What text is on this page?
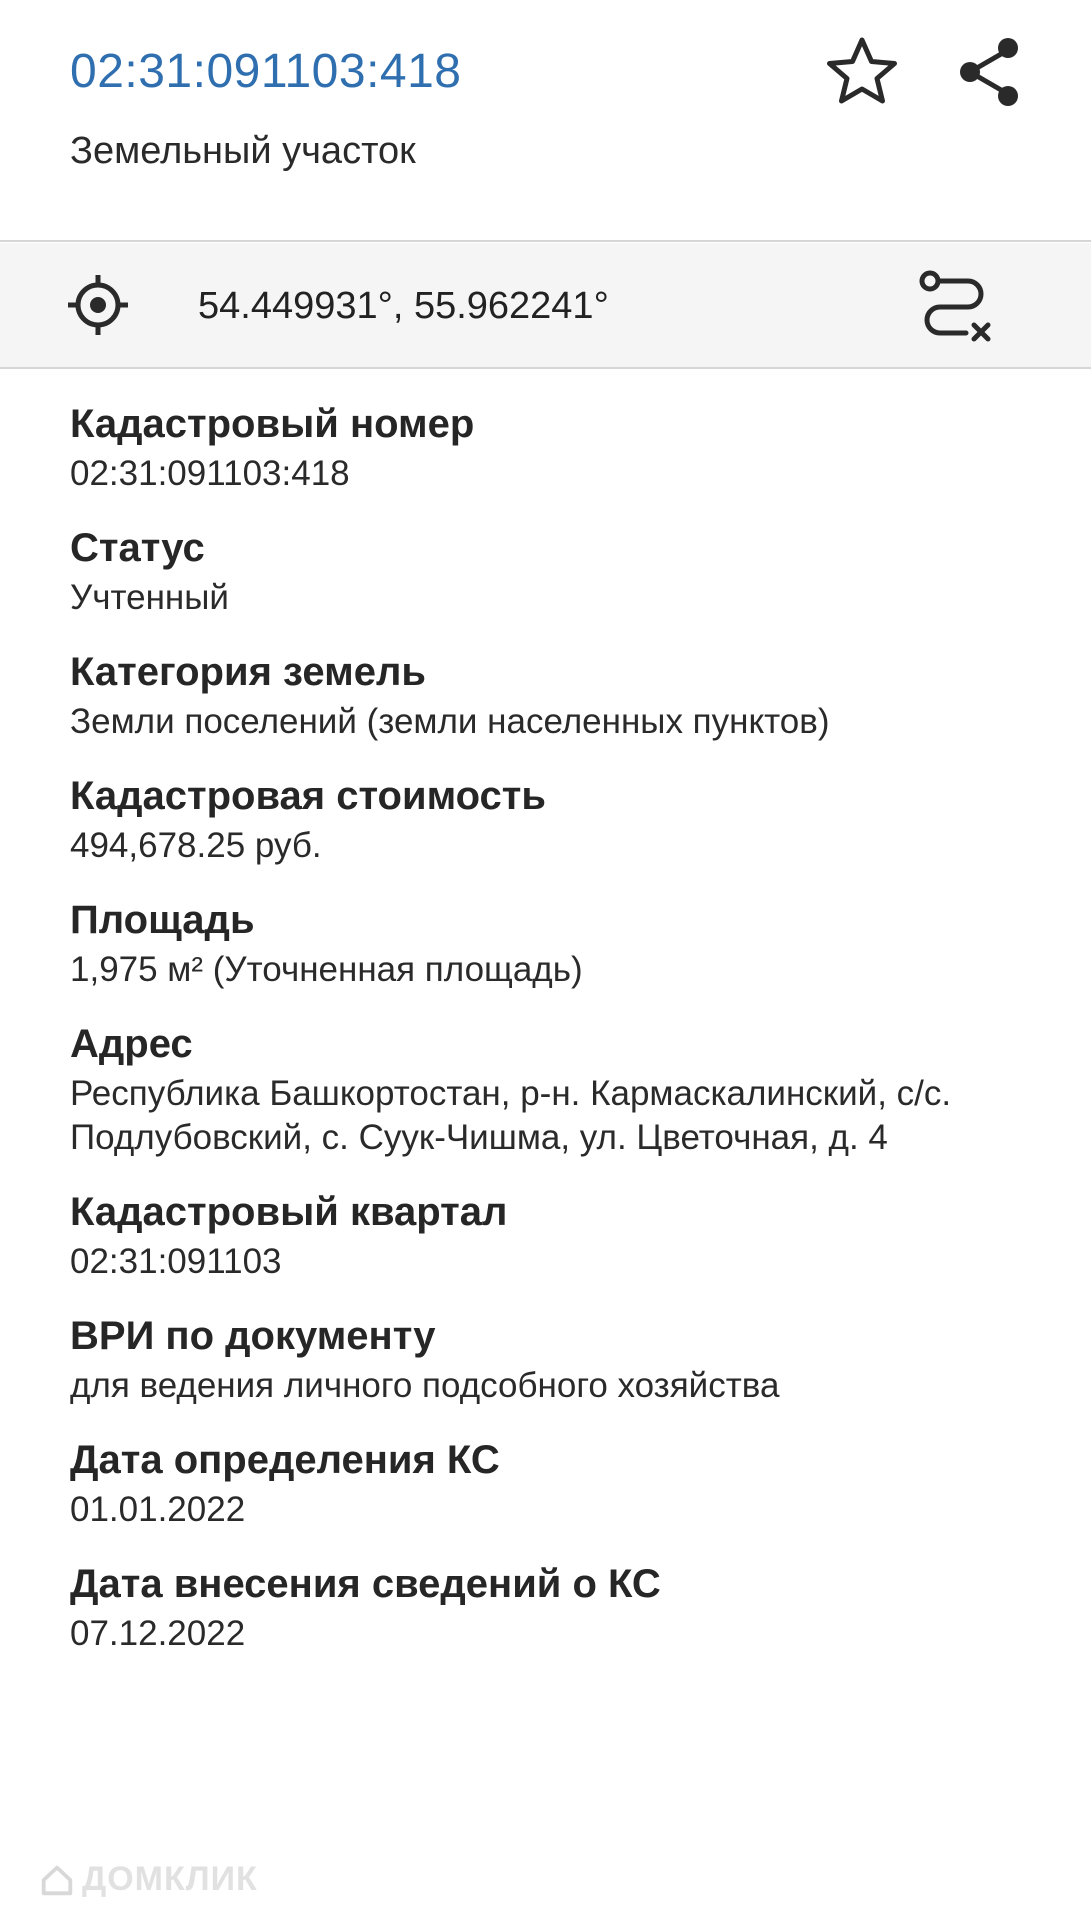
02:31:091103:418
Земельный участок
54.449931°, 55.962241°
Кадастровый номер
02:31:091103:418
Статус
Учтенный
Категория земель
Земли поселений (земли населенных пунктов)
Кадастровая стоимость
494,678.25 руб.
Площадь
1,975 м² (Уточненная площадь)
Адрес
Республика Башкортостан, р-н. Кармаскалинский, с/с. Подлубовский, с. Суук-Чишма, ул. Цветочная, д. 4
Кадастровый квартал
02:31:091103
ВРИ по документу
для ведения личного подсобного хозяйства
Дата определения КС
01.01.2022
Дата внесения сведений о КС
07.12.2022
ДОМКЛИК
